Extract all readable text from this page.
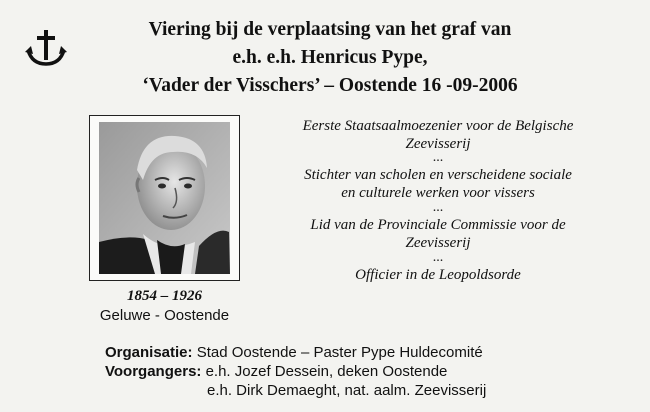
Viering bij de verplaatsing van het graf van
e.h. e.h. Henricus Pype,
‘Vader der Visschers’ – Oostende 16 -09-2006
1854 – 1926
Geluwe - Oostende
Eerste Staatsaalmoezenier voor de Belgische
Zeevisserij
...
Stichter van scholen en verscheidene sociale
en culturele werken voor vissers
...
Lid van de Provinciale Commissie voor de
Zeevisserij
...
Officier in de Leopoldsorde
Organisatie: Stad Oostende – Paster Pype Huldecomité
Voorgangers: e.h. Jozef Dessein, deken Oostende
e.h. Dirk Demaeght, nat. aalm. Zeevisserij
